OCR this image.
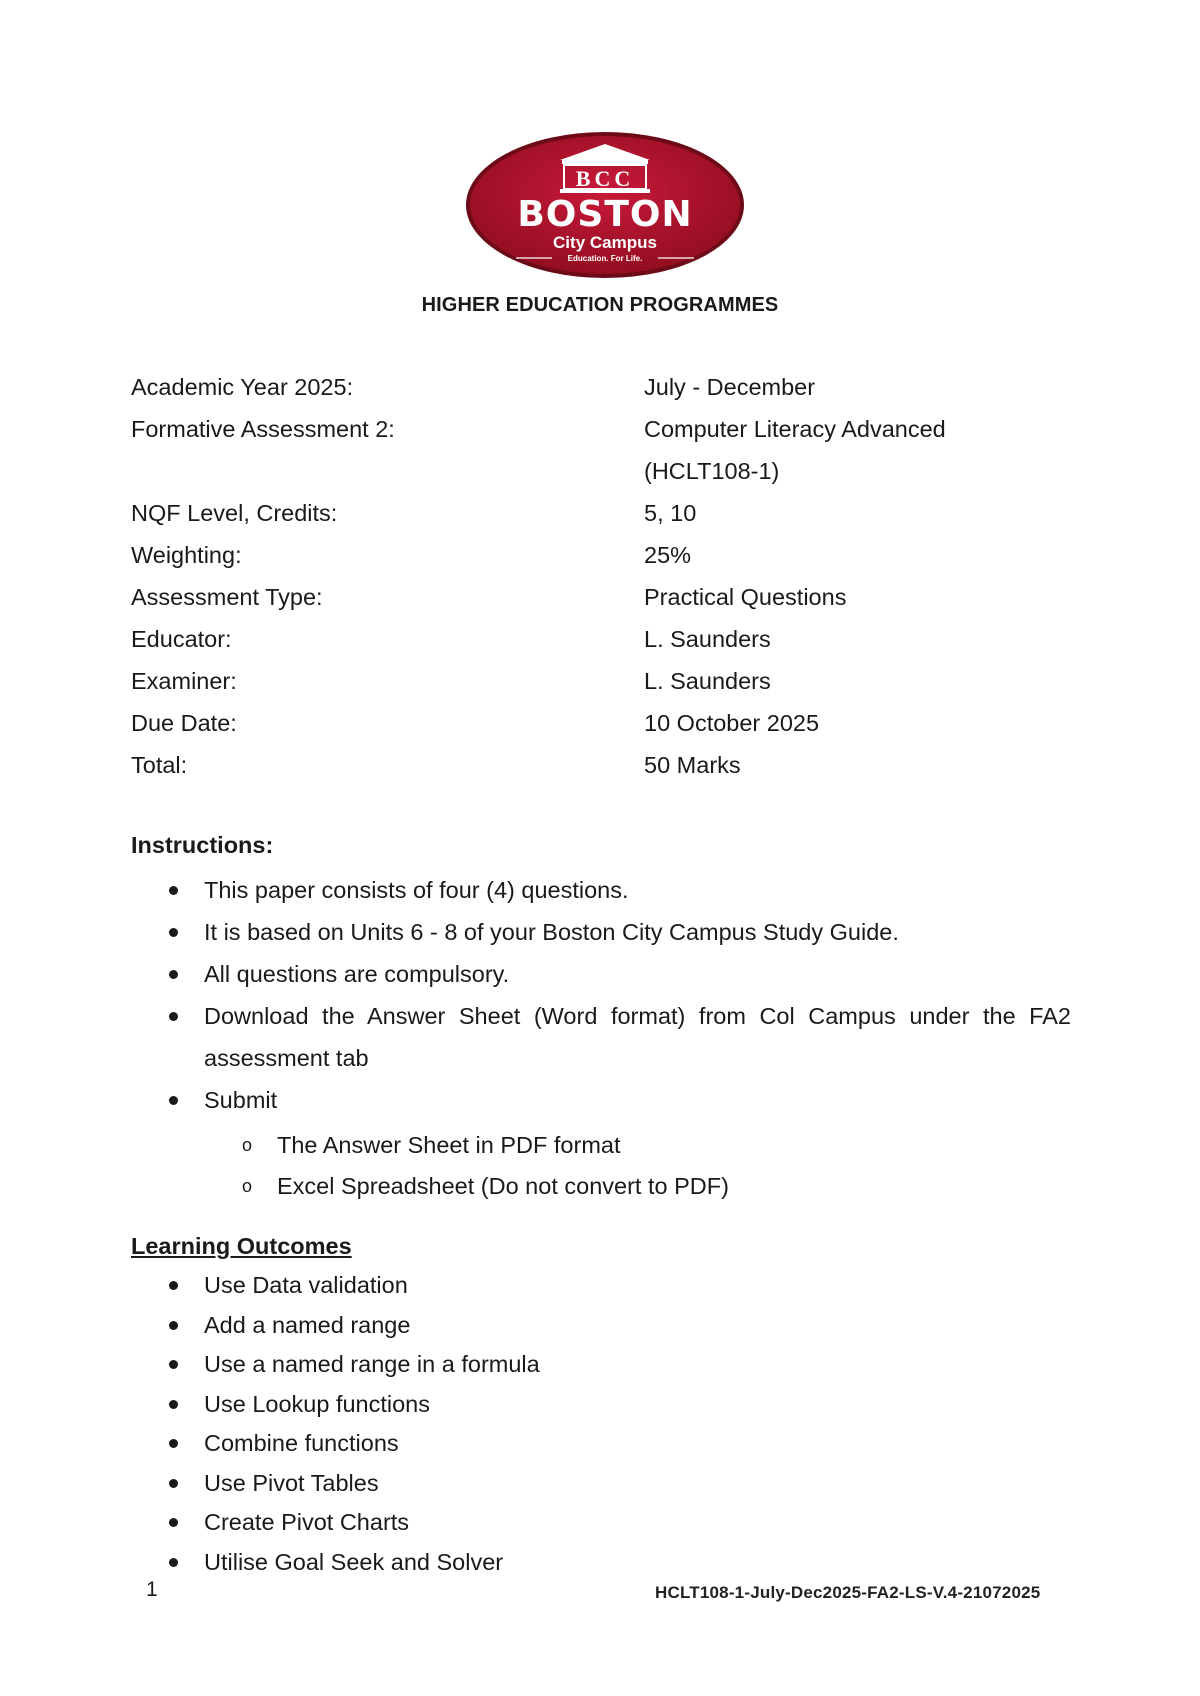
BCC
BOSTON
City Campus
Education. For Life.
HIGHER EDUCATION PROGRAMMES
Academic Year 2025:	July - December
Formative Assessment 2:	Computer Literacy Advanced
(HCLT108-1)
NQF Level, Credits:	5, 10
Weighting:	25%
Assessment Type:	Practical Questions
Educator:	L. Saunders
Examiner:	L. Saunders
Due Date:	10 October 2025
Total:	50 Marks
Instructions:
This paper consists of four (4) questions.
It is based on Units 6 - 8 of your Boston City Campus Study Guide.
All questions are compulsory.
Download the Answer Sheet (Word format) from Col Campus under the FA2 assessment tab
Submit
o The Answer Sheet in PDF format
o Excel Spreadsheet (Do not convert to PDF)
Learning Outcomes
Use Data validation
Add a named range
Use a named range in a formula
Use Lookup functions
Combine functions
Use Pivot Tables
Create Pivot Charts
Utilise Goal Seek and Solver
1	HCLT108-1-July-Dec2025-FA2-LS-V.4-21072025
